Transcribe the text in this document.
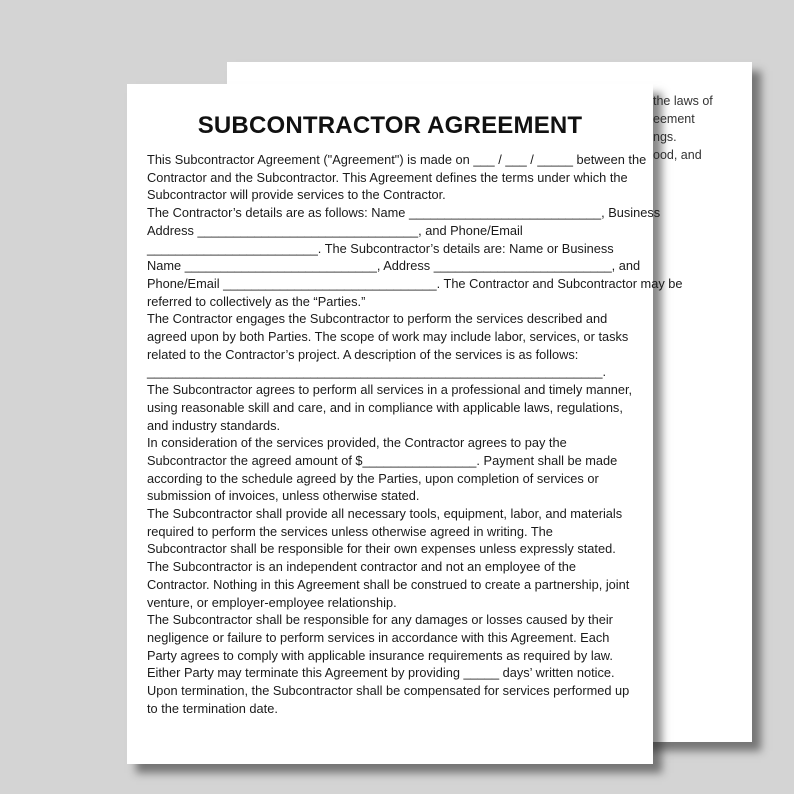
the laws of
eement
ngs.
ood, and
SUBCONTRACTOR AGREEMENT
This Subcontractor Agreement ("Agreement") is made on ___ / ___ / _____ between the
Contractor and the Subcontractor. This Agreement defines the terms under which the
Subcontractor will provide services to the Contractor.
The Contractor’s details are as follows: Name ___________________________, Business
Address _______________________________, and Phone/Email
________________________. The Subcontractor’s details are: Name or Business
Name ___________________________, Address _________________________, and
Phone/Email ______________________________. The Contractor and Subcontractor may be
referred to collectively as the “Parties.”
The Contractor engages the Subcontractor to perform the services described and
agreed upon by both Parties. The scope of work may include labor, services, or tasks
related to the Contractor’s project. A description of the services is as follows:
________________________________________________________________.
The Subcontractor agrees to perform all services in a professional and timely manner,
using reasonable skill and care, and in compliance with applicable laws, regulations,
and industry standards.
In consideration of the services provided, the Contractor agrees to pay the
Subcontractor the agreed amount of $________________. Payment shall be made
according to the schedule agreed by the Parties, upon completion of services or
submission of invoices, unless otherwise stated.
The Subcontractor shall provide all necessary tools, equipment, labor, and materials
required to perform the services unless otherwise agreed in writing. The
Subcontractor shall be responsible for their own expenses unless expressly stated.
The Subcontractor is an independent contractor and not an employee of the
Contractor. Nothing in this Agreement shall be construed to create a partnership, joint
venture, or employer-employee relationship.
The Subcontractor shall be responsible for any damages or losses caused by their
negligence or failure to perform services in accordance with this Agreement. Each
Party agrees to comply with applicable insurance requirements as required by law.
Either Party may terminate this Agreement by providing _____ days’ written notice.
Upon termination, the Subcontractor shall be compensated for services performed up
to the termination date.
